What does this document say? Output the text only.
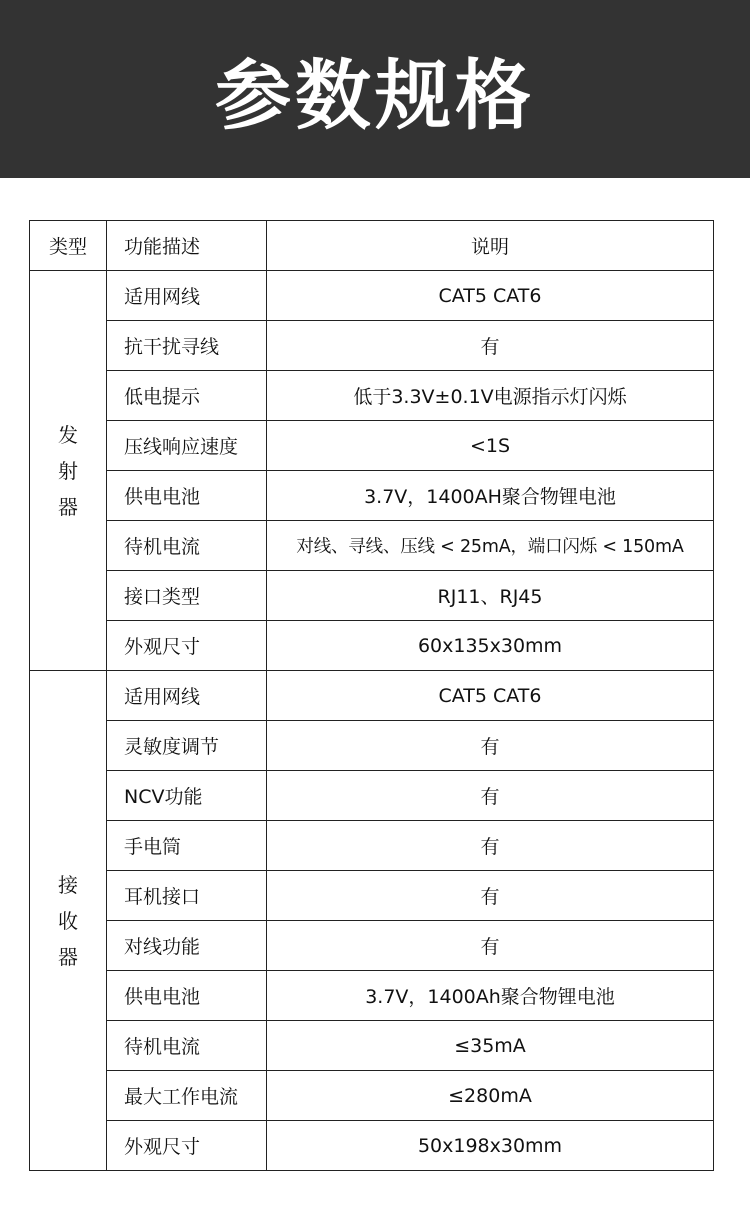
参数规格
类型	功能描述	说明
发射器	适用网线	CAT5 CAT6
	抗干扰寻线	有
	低电提示	低于3.3V±0.1V电源指示灯闪烁
	压线响应速度	<1S
	供电电池	3.7V，1400AH聚合物锂电池
	待机电流	对线、寻线、压线 < 25mA，端口闪烁 < 150mA
	接口类型	RJ11、RJ45
	外观尺寸	60x135x30mm
接收器	适用网线	CAT5 CAT6
	灵敏度调节	有
	NCV功能	有
	手电筒	有
	耳机接口	有
	对线功能	有
	供电电池	3.7V，1400Ah聚合物锂电池
	待机电流	≤35mA
	最大工作电流	≤280mA
	外观尺寸	50x198x30mm
